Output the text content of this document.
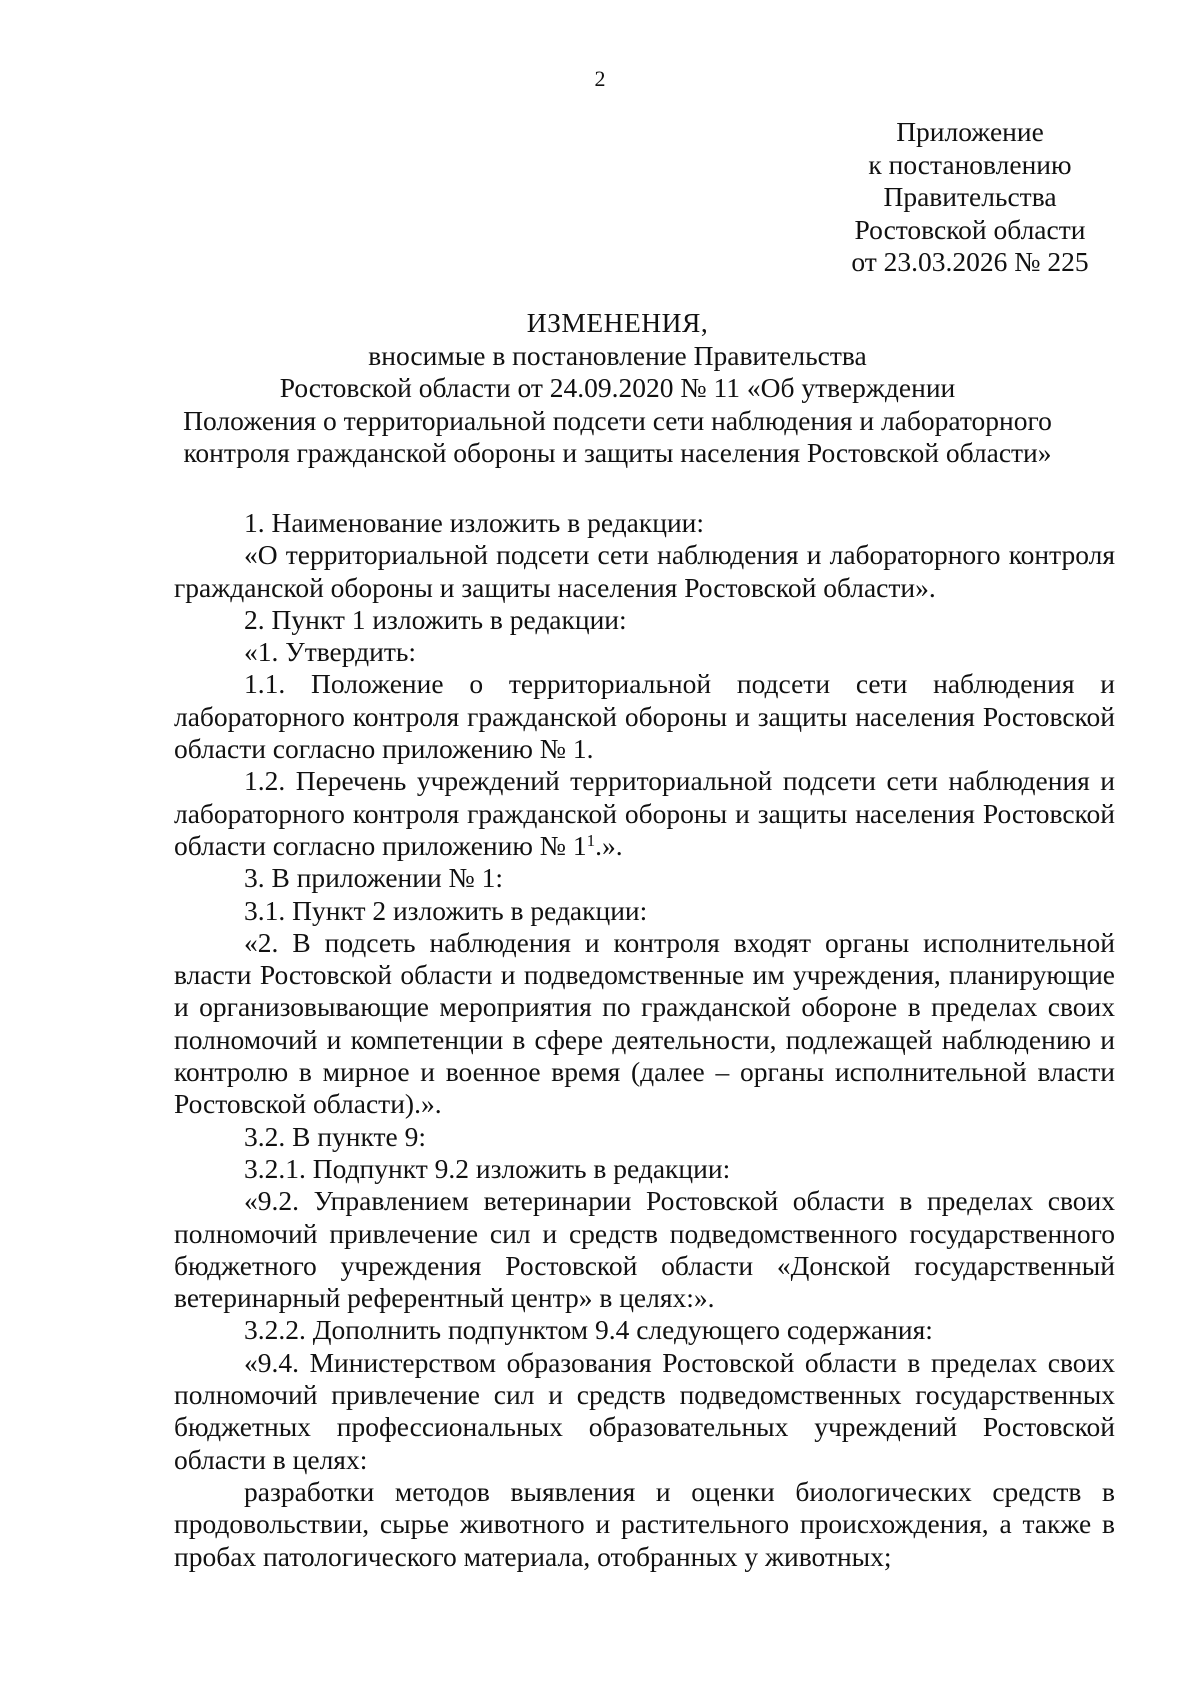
2
Приложение
к постановлению
Правительства
Ростовской области
от 23.03.2026 № 225
ИЗМЕНЕНИЯ,
вносимые в постановление Правительства
Ростовской области от 24.09.2020 № 11 «Об утверждении
Положения о территориальной подсети сети наблюдения и лабораторного
контроля гражданской обороны и защиты населения Ростовской области»

1. Наименование изложить в редакции:

«О территориальной подсети сети наблюдения и лабораторного контроля гражданской обороны и защиты населения Ростовской области».

2. Пункт 1 изложить в редакции:

«1. Утвердить:

1.1. Положение о территориальной подсети сети наблюдения и лабораторного контроля гражданской обороны и защиты населения Ростовской области согласно приложению № 1.

1.2. Перечень учреждений территориальной подсети сети наблюдения и лабораторного контроля гражданской обороны и защиты населения Ростовской области согласно приложению № $1^1$.».

3. В приложении № 1:

3.1. Пункт 2 изложить в редакции:

«2. В подсеть наблюдения и контроля входят органы исполнительной власти Ростовской области и подведомственные им учреждения, планирующие и организовывающие мероприятия по гражданской обороне в пределах своих полномочий и компетенции в сфере деятельности, подлежащей наблюдению и контролю в мирное и военное время (далее – органы исполнительной власти Ростовской области).».

3.2. В пункте 9:

3.2.1. Подпункт 9.2 изложить в редакции:

«9.2. Управлением ветеринарии Ростовской области в пределах своих полномочий привлечение сил и средств подведомственного государственного бюджетного учреждения Ростовской области «Донской государственный ветеринарный референтный центр» в целях:».

3.2.2. Дополнить подпунктом 9.4 следующего содержания:

«9.4. Министерством образования Ростовской области в пределах своих полномочий привлечение сил и средств подведомственных государственных бюджетных профессиональных образовательных учреждений Ростовской области в целях:

разработки методов выявления и оценки биологических средств в продовольствии, сырье животного и растительного происхождения, а также в пробах патологического материала, отобранных у животных;
